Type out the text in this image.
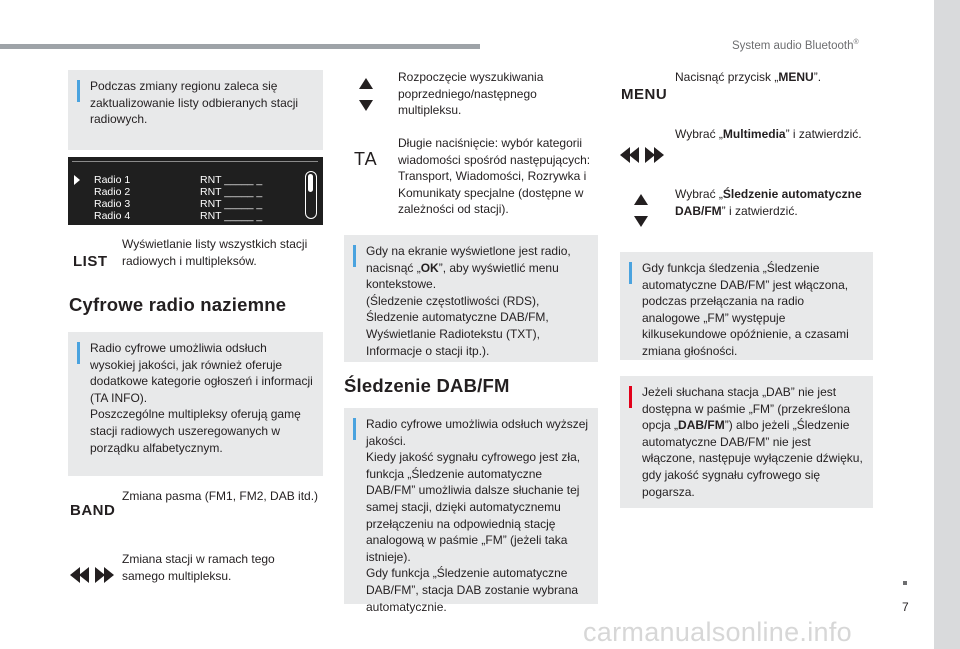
System audio Bluetooth®
Podczas zmiany regionu zaleca się zaktualizowanie listy odbieranych stacji radiowych.
Radio 1	RNT _____ _
Radio 2	RNT _____ _
Radio 3	RNT _____ _
Radio 4	RNT _____ _
LIST
Wyświetlanie listy wszystkich stacji radiowych i multipleksów.
Cyfrowe radio naziemne
Radio cyfrowe umożliwia odsłuch wysokiej jakości, jak również oferuje dodatkowe kategorie ogłoszeń i informacji (TA INFO).
Poszczególne multipleksy oferują gamę stacji radiowych uszeregowanych w porządku alfabetycznym.
Zmiana pasma (FM1, FM2, DAB itd.)
BAND
Zmiana stacji w ramach tego samego multipleksu.
Rozpoczęcie wyszukiwania poprzedniego/następnego multipleksu.
TA
Długie naciśnięcie: wybór kategorii wiadomości spośród następujących: Transport, Wiadomości, Rozrywka i Komunikaty specjalne (dostępne w zależności od stacji).
Gdy na ekranie wyświetlone jest radio, nacisnąć „OK”, aby wyświetlić menu kontekstowe.
(Śledzenie częstotliwości (RDS), Śledzenie automatyczne DAB/FM, Wyświetlanie Radiotekstu (TXT), Informacje o stacji itp.).
Śledzenie DAB/FM
Radio cyfrowe umożliwia odsłuch wyższej jakości.
Kiedy jakość sygnału cyfrowego jest zła, funkcja „Śledzenie automatyczne DAB/FM” umożliwia dalsze słuchanie tej samej stacji, dzięki automatycznemu przełączeniu na odpowiednią stację analogową w paśmie „FM” (jeżeli taka istnieje).
Gdy funkcja „Śledzenie automatyczne DAB/FM”, stacja DAB zostanie wybrana automatycznie.
MENU
Nacisnąć przycisk „MENU”.
Wybrać „Multimedia” i zatwierdzić.
Wybrać „Śledzenie automatyczne DAB/FM” i zatwierdzić.
Gdy funkcja śledzenia „Śledzenie automatyczne DAB/FM” jest włączona, podczas przełączania na radio analogowe „FM” występuje kilkusekundowe opóźnienie, a czasami zmiana głośności.
Jeżeli słuchana stacja „DAB” nie jest dostępna w paśmie „FM” (przekreślona opcja „DAB/FM”) albo jeżeli „Śledzenie automatyczne DAB/FM” nie jest włączone, następuje wyłączenie dźwięku, gdy jakość sygnału cyfrowego się pogarsza.
7
carmanualsonline.info
